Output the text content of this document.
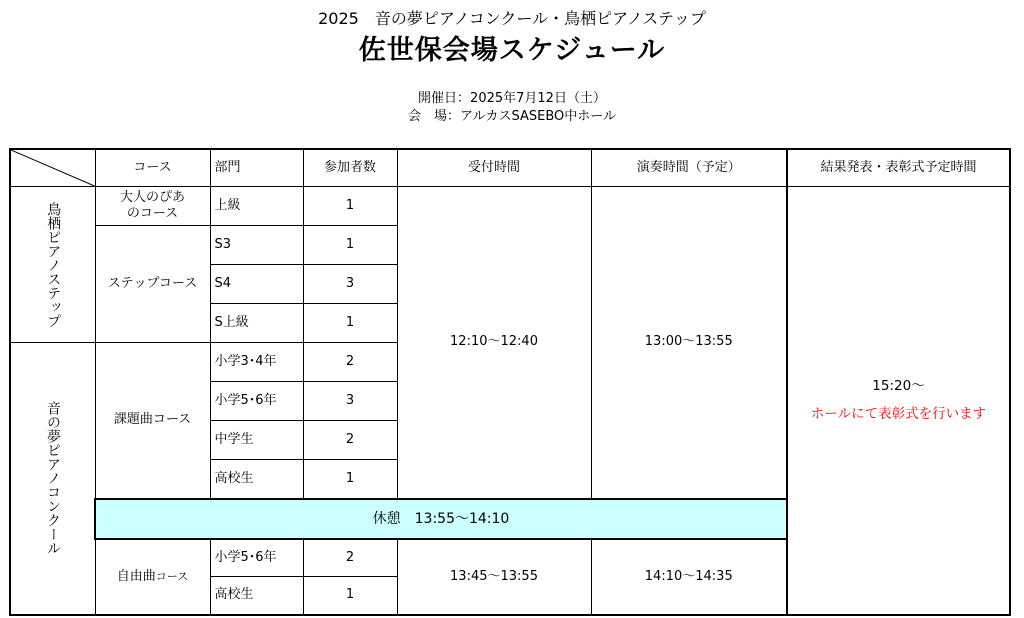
2025　音の夢ピアノコンクール・鳥栖ピアノステップ
佐世保会場スケジュール
開催日：2025年7月12日（土）
会　場：アルカスSASEBO中ホール
	コース	部門	参加者数	受付時間	演奏時間（予定）	結果発表・表彰式予定時間

鳥栖ピアノステップ	大人のぴあのコース	上級	1	12:10〜12:40	13:00〜13:55	15:20〜
ホールにて表彰式を行います

	ステップコース	S3	1			
		S4	3			
		S上級	1			

音の夢ピアノコンクール	課題曲コース	小学3･4年	2			
		小学5･6年	3			
		中学生	2			
		高校生	1			
	休憩　13:55〜14:10					
	自由曲コース	小学5･6年	2	13:45〜13:55	14:10〜14:35	
		高校生	1			
